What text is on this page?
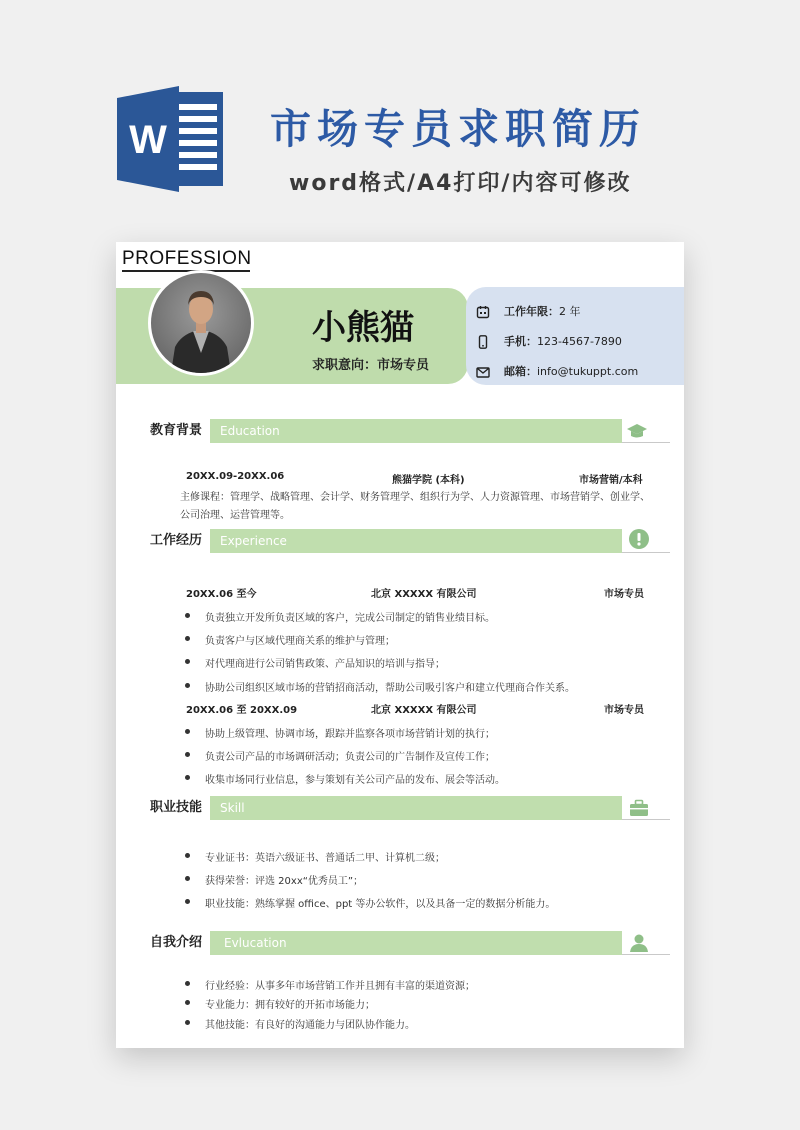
W	市场专员求职简历
word格式/A4打印/内容可修改
PROFESSION
小熊猫
求职意向：市场专员
工作年限：2 年
手机：123-4567-7890
邮箱：info@tukuppt.com
教育背景	Education
20XX.09-20XX.06	熊猫学院 (本科)	市场营销/本科
主修课程：管理学、战略管理、会计学、财务管理学、组织行为学、人力资源管理、市场营销学、创业学、
公司治理、运营管理等。
工作经历	Experience
20XX.06 至今	北京 XXXXX 有限公司	市场专员
负责独立开发所负责区域的客户，完成公司制定的销售业绩目标。
负责客户与区域代理商关系的维护与管理；
对代理商进行公司销售政策、产品知识的培训与指导；
协助公司组织区域市场的营销招商活动，帮助公司吸引客户和建立代理商合作关系。
20XX.06 至 20XX.09	北京 XXXXX 有限公司	市场专员
协助上级管理、协调市场，跟踪并监察各项市场营销计划的执行；
负责公司产品的市场调研活动；负责公司的广告制作及宣传工作；
收集市场同行业信息，参与策划有关公司产品的发布、展会等活动。
职业技能	Skill
专业证书：英语六级证书、普通话二甲、计算机二级；
获得荣誉：评选 20xx“优秀员工”；
职业技能：熟练掌握 office、ppt 等办公软件，以及具备一定的数据分析能力。
自我介绍	Evlucation
行业经验：从事多年市场营销工作并且拥有丰富的渠道资源；
专业能力：拥有较好的开拓市场能力；
其他技能：有良好的沟通能力与团队协作能力。
